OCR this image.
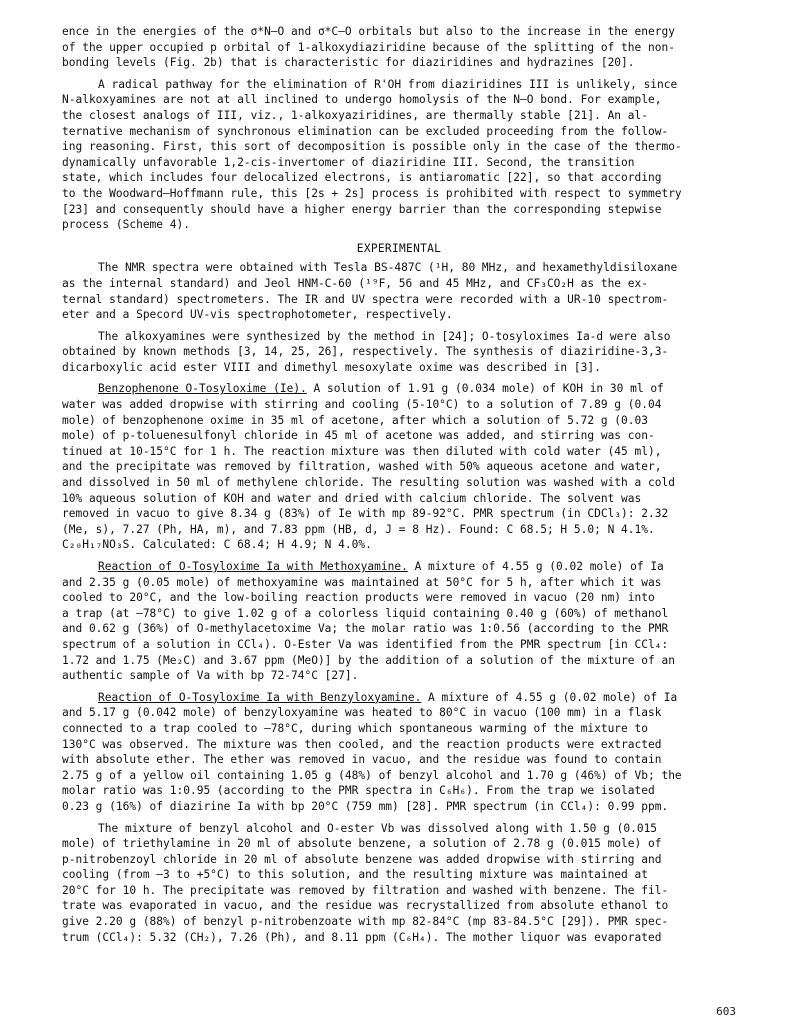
ence in the energies of the σ*N—O and σ*C—O orbitals but also to the increase in the energy
of the upper occupied p orbital of 1-alkoxydiaziridine because of the splitting of the non-
bonding levels (Fig. 2b) that is characteristic for diaziridines and hydrazines [20].
A radical pathway for the elimination of R'OH from diaziridines III is unlikely, since
N-alkoxyamines are not at all inclined to undergo homolysis of the N—O bond. For example,
the closest analogs of III, viz., 1-alkoxyaziridines, are thermally stable [21]. An al-
ternative mechanism of synchronous elimination can be excluded proceeding from the follow-
ing reasoning. First, this sort of decomposition is possible only in the case of the thermo-
dynamically unfavorable 1,2-cis-invertomer of diaziridine III. Second, the transition
state, which includes four delocalized electrons, is antiaromatic [22], so that according
to the Woodward—Hoffmann rule, this [2s + 2s] process is prohibited with respect to symmetry
[23] and consequently should have a higher energy barrier than the corresponding stepwise
process (Scheme 4).
EXPERIMENTAL
The NMR spectra were obtained with Tesla BS-487C (¹H, 80 MHz, and hexamethyldisiloxane
as the internal standard) and Jeol HNM-C-60 (¹⁹F, 56 and 45 MHz, and CF₃CO₂H as the ex-
ternal standard) spectrometers. The IR and UV spectra were recorded with a UR-10 spectrom-
eter and a Specord UV-vis spectrophotometer, respectively.
The alkoxyamines were synthesized by the method in [24]; O-tosyloximes Ia-d were also
obtained by known methods [3, 14, 25, 26], respectively. The synthesis of diaziridine-3,3-
dicarboxylic acid ester VIII and dimethyl mesoxylate oxime was described in [3].
Benzophenone O-Tosyloxime (Ie). A solution of 1.91 g (0.034 mole) of KOH in 30 ml of
water was added dropwise with stirring and cooling (5-10°C) to a solution of 7.89 g (0.04
mole) of benzophenone oxime in 35 ml of acetone, after which a solution of 5.72 g (0.03
mole) of p-toluenesulfonyl chloride in 45 ml of acetone was added, and stirring was con-
tinued at 10-15°C for 1 h. The reaction mixture was then diluted with cold water (45 ml),
and the precipitate was removed by filtration, washed with 50% aqueous acetone and water,
and dissolved in 50 ml of methylene chloride. The resulting solution was washed with a cold
10% aqueous solution of KOH and water and dried with calcium chloride. The solvent was
removed in vacuo to give 8.34 g (83%) of Ie with mp 89-92°C. PMR spectrum (in CDCl₃): 2.32
(Me, s), 7.27 (Ph, HA, m), and 7.83 ppm (HB, d, J = 8 Hz). Found: C 68.5; H 5.0; N 4.1%.
C₂₀H₁₇NO₃S. Calculated: C 68.4; H 4.9; N 4.0%.
Reaction of O-Tosyloxime Ia with Methoxyamine. A mixture of 4.55 g (0.02 mole) of Ia
and 2.35 g (0.05 mole) of methoxyamine was maintained at 50°C for 5 h, after which it was
cooled to 20°C, and the low-boiling reaction products were removed in vacuo (20 nm) into
a trap (at —78°C) to give 1.02 g of a colorless liquid containing 0.40 g (60%) of methanol
and 0.62 g (36%) of O-methylacetoxime Va; the molar ratio was 1:0.56 (according to the PMR
spectrum of a solution in CCl₄). O-Ester Va was identified from the PMR spectrum [in CCl₄:
1.72 and 1.75 (Me₂C) and 3.67 ppm (MeO)] by the addition of a solution of the mixture of an
authentic sample of Va with bp 72-74°C [27].
Reaction of O-Tosyloxime Ia with Benzyloxyamine. A mixture of 4.55 g (0.02 mole) of Ia
and 5.17 g (0.042 mole) of benzyloxyamine was heated to 80°C in vacuo (100 mm) in a flask
connected to a trap cooled to —78°C, during which spontaneous warming of the mixture to
130°C was observed. The mixture was then cooled, and the reaction products were extracted
with absolute ether. The ether was removed in vacuo, and the residue was found to contain
2.75 g of a yellow oil containing 1.05 g (48%) of benzyl alcohol and 1.70 g (46%) of Vb; the
molar ratio was 1:0.95 (according to the PMR spectra in C₆H₆). From the trap we isolated
0.23 g (16%) of diazirine Ia with bp 20°C (759 mm) [28]. PMR spectrum (in CCl₄): 0.99 ppm.
The mixture of benzyl alcohol and O-ester Vb was dissolved along with 1.50 g (0.015
mole) of triethylamine in 20 ml of absolute benzene, a solution of 2.78 g (0.015 mole) of
p-nitrobenzoyl chloride in 20 ml of absolute benzene was added dropwise with stirring and
cooling (from —3 to +5°C) to this solution, and the resulting mixture was maintained at
20°C for 10 h. The precipitate was removed by filtration and washed with benzene. The fil-
trate was evaporated in vacuo, and the residue was recrystallized from absolute ethanol to
give 2.20 g (88%) of benzyl p-nitrobenzoate with mp 82-84°C (mp 83-84.5°C [29]). PMR spec-
trum (CCl₄): 5.32 (CH₂), 7.26 (Ph), and 8.11 ppm (C₆H₄). The mother liquor was evaporated
603
